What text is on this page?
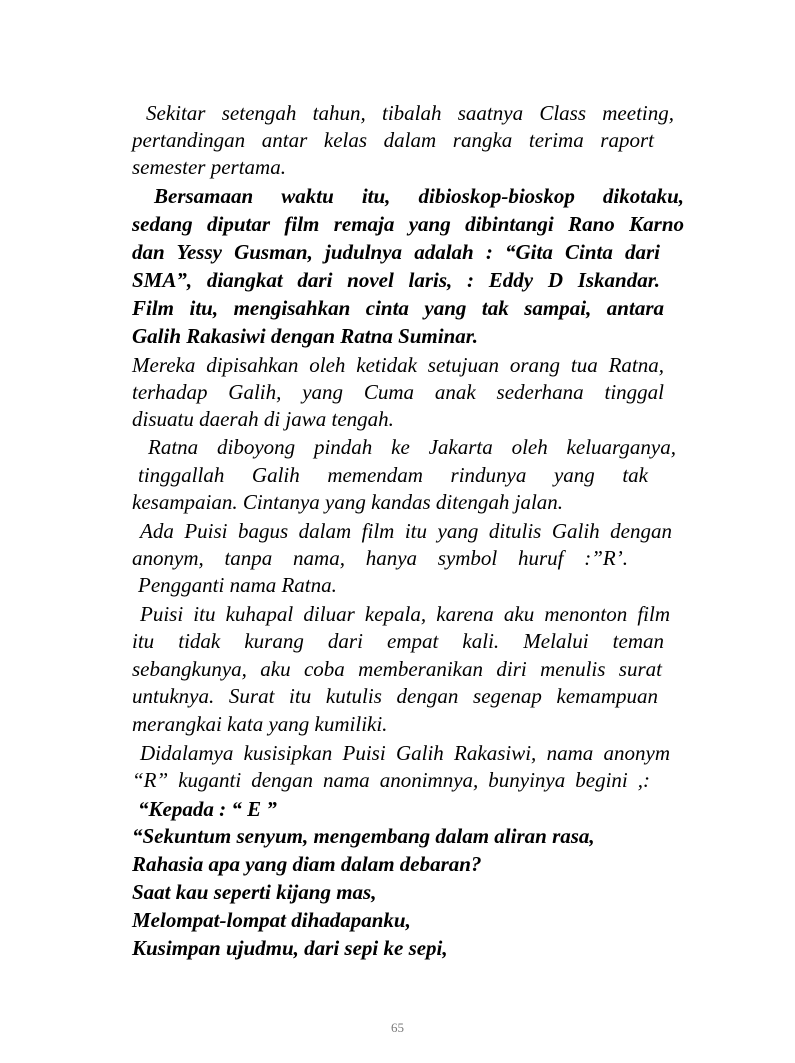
Sekitar setengah tahun, tibalah saatnya Class meeting,
pertandingan antar kelas dalam rangka terima raport
semester pertama.
Bersamaan waktu itu, dibioskop-bioskop dikotaku,
sedang diputar film remaja yang dibintangi Rano Karno
dan Yessy Gusman, judulnya adalah : “Gita Cinta dari
SMA”, diangkat dari novel laris, : Eddy D Iskandar.
Film itu, mengisahkan cinta yang tak sampai, antara
Galih Rakasiwi dengan Ratna Suminar.
Mereka dipisahkan oleh ketidak setujuan orang tua Ratna,
terhadap Galih, yang Cuma anak sederhana tinggal
disuatu daerah di jawa tengah.
Ratna diboyong pindah ke Jakarta oleh keluarganya,
tinggallah Galih memendam rindunya yang tak
kesampaian. Cintanya yang kandas ditengah jalan.
Ada Puisi bagus dalam film itu yang ditulis Galih dengan
anonym, tanpa nama, hanya symbol huruf :”R’.
Pengganti nama Ratna.
Puisi itu kuhapal diluar kepala, karena aku menonton film
itu tidak kurang dari empat kali. Melalui teman
sebangkunya, aku coba memberanikan diri menulis surat
untuknya. Surat itu kutulis dengan segenap kemampuan
merangkai kata yang kumiliki.
Didalamya kusisipkan Puisi Galih Rakasiwi, nama anonym
“R” kuganti dengan nama anonimnya, bunyinya begini ,:
“Kepada : “ E ”
“Sekuntum senyum, mengembang dalam aliran rasa,
Rahasia apa yang diam dalam debaran?
Saat kau seperti kijang mas,
Melompat-lompat dihadapanku,
Kusimpan ujudmu, dari sepi ke sepi,
65
